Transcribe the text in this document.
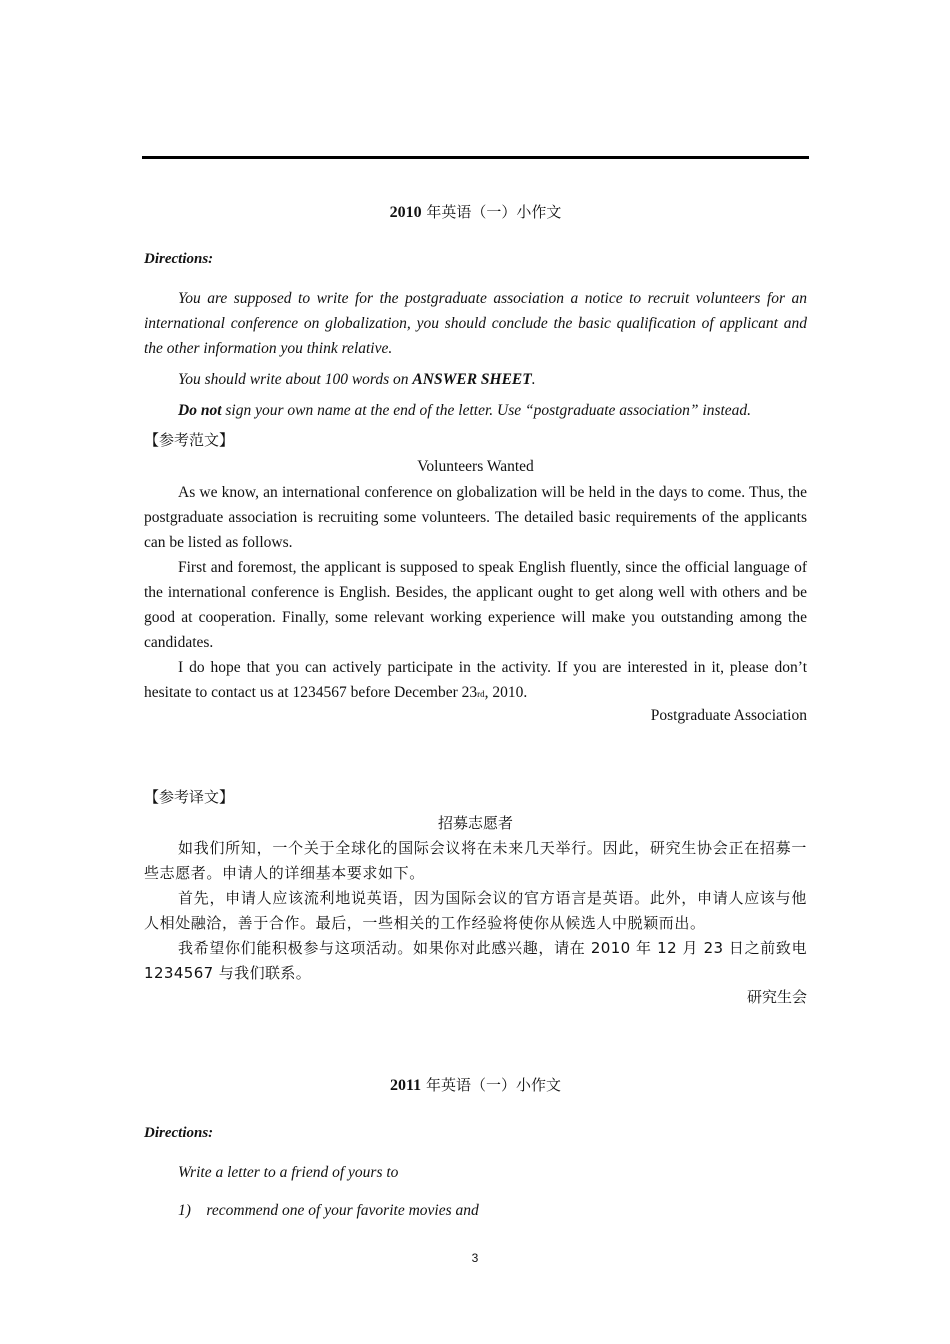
2010 年英语（一）小作文
Directions:
You are supposed to write for the postgraduate association a notice to recruit volunteers for an international conference on globalization, you should conclude the basic qualification of applicant and the other information you think relative.
You should write about 100 words on ANSWER SHEET.
Do not sign your own name at the end of the letter. Use “postgraduate association” instead.
【参考范文】
Volunteers Wanted
As we know, an international conference on globalization will be held in the days to come. Thus, the postgraduate association is recruiting some volunteers. The detailed basic requirements of the applicants can be listed as follows.
First and foremost, the applicant is supposed to speak English fluently, since the official language of the international conference is English. Besides, the applicant ought to get along well with others and be good at cooperation. Finally, some relevant working experience will make you outstanding among the candidates.
I do hope that you can actively participate in the activity. If you are interested in it, please don’t hesitate to contact us at 1234567 before December 23rd, 2010.
Postgraduate Association
【参考译文】
招募志愿者
如我们所知，一个关于全球化的国际会议将在未来几天举行。因此，研究生协会正在招募一些志愿者。申请人的详细基本要求如下。
首先，申请人应该流利地说英语，因为国际会议的官方语言是英语。此外，申请人应该与他人相处融洽，善于合作。最后，一些相关的工作经验将使你从候选人中脱颖而出。
我希望你们能积极参与这项活动。如果你对此感兴趣，请在 2010 年 12 月 23 日之前致电 1234567 与我们联系。
研究生会
2011 年英语（一）小作文
Directions:
Write a letter to a friend of yours to
1)    recommend one of your favorite movies and
3
